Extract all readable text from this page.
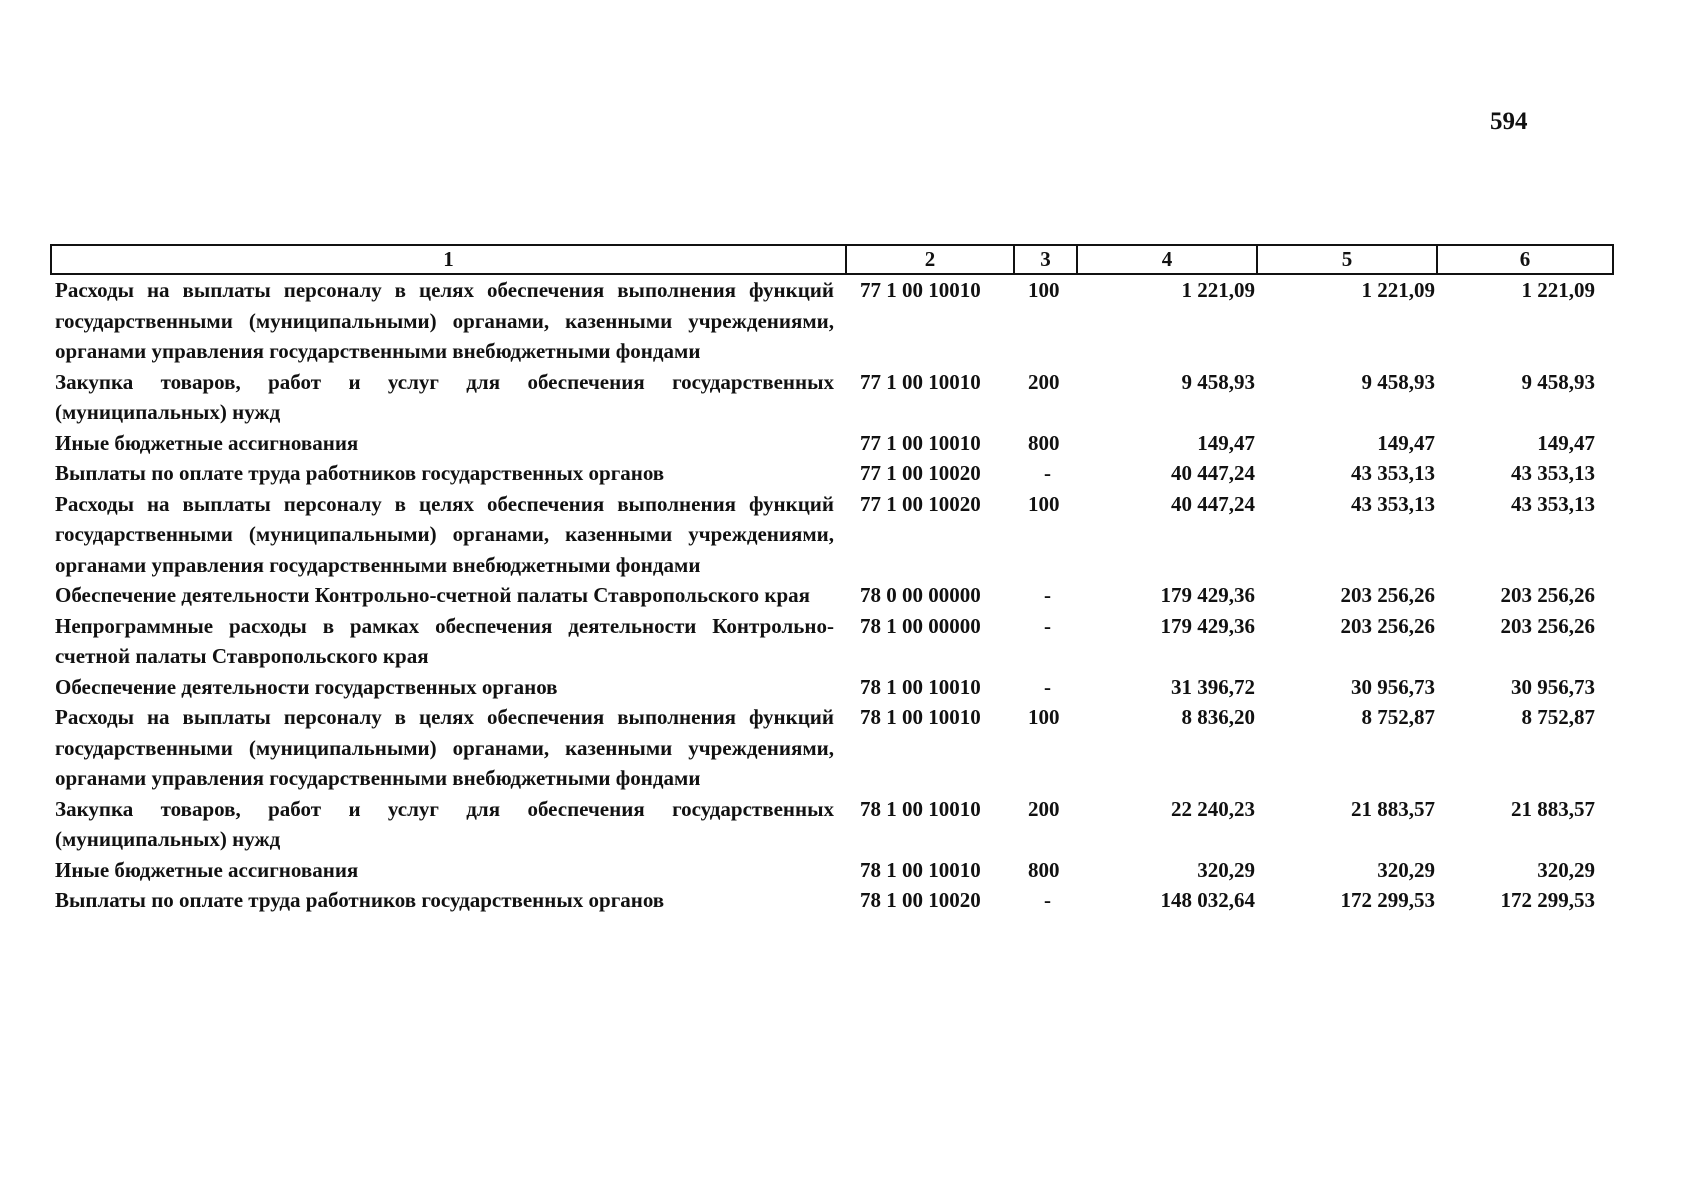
594
1	2	3	4	5	6
Расходы на выплаты персоналу в целях обеспечения выполнения функций государственными (муниципальными) органами, казенными учреждениями, органами управления государственными внебюджетными фондами	77 1 00 10010	100	1 221,09	1 221,09	1 221,09
Закупка товаров, работ и услуг для обеспечения государственных (муниципальных) нужд	77 1 00 10010	200	9 458,93	9 458,93	9 458,93
Иные бюджетные ассигнования	77 1 00 10010	800	149,47	149,47	149,47
Выплаты по оплате труда работников государственных органов	77 1 00 10020	-	40 447,24	43 353,13	43 353,13
Расходы на выплаты персоналу в целях обеспечения выполнения функций государственными (муниципальными) органами, казенными учреждениями, органами управления государственными внебюджетными фондами	77 1 00 10020	100	40 447,24	43 353,13	43 353,13
Обеспечение деятельности Контрольно-счетной палаты Ставропольского края	78 0 00 00000	-	179 429,36	203 256,26	203 256,26
Непрограммные расходы в рамках обеспечения деятельности Контрольно-счетной палаты Ставропольского края	78 1 00 00000	-	179 429,36	203 256,26	203 256,26
Обеспечение деятельности государственных органов	78 1 00 10010	-	31 396,72	30 956,73	30 956,73
Расходы на выплаты персоналу в целях обеспечения выполнения функций государственными (муниципальными) органами, казенными учреждениями, органами управления государственными внебюджетными фондами	78 1 00 10010	100	8 836,20	8 752,87	8 752,87
Закупка товаров, работ и услуг для обеспечения государственных (муниципальных) нужд	78 1 00 10010	200	22 240,23	21 883,57	21 883,57
Иные бюджетные ассигнования	78 1 00 10010	800	320,29	320,29	320,29
Выплаты по оплате труда работников государственных органов	78 1 00 10020	-	148 032,64	172 299,53	172 299,53
